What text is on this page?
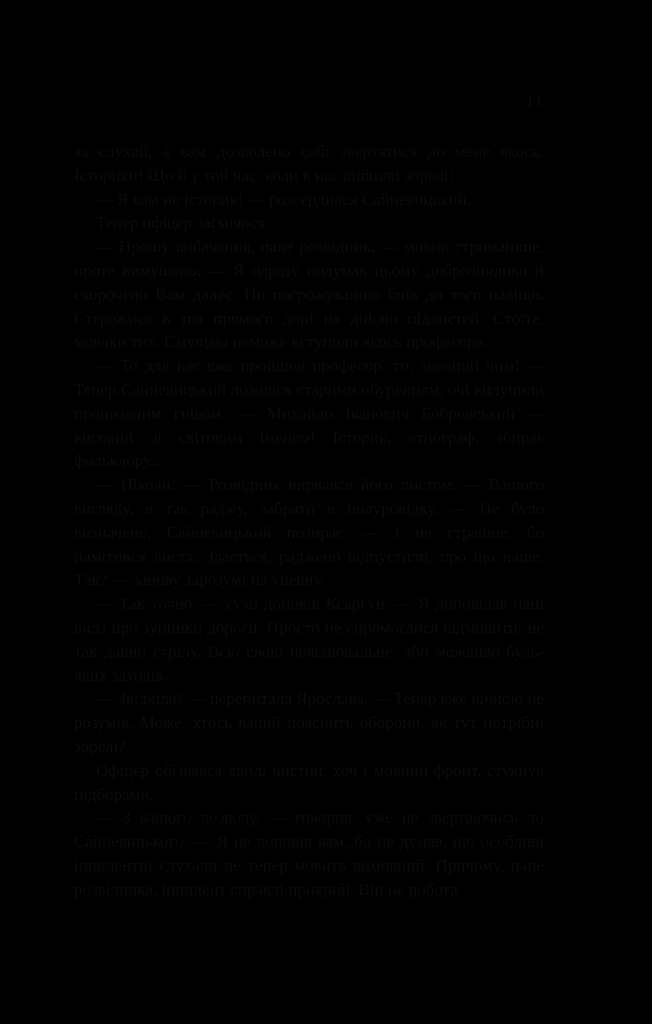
11

за слухай, а вам дозволено собі звертатися до мене якось. Історики! Що й у той час, коли в нас вийшли зорелі!

— Я вам не історик! — розсердився Сайневицький.

Тепер офіцер засміявся.

— Прошу вибачення, пане розвідник, — мовив стриманіше, проте вимушено. — Я одразу подумав цьому доброзичливо й скорочено Вам далеє. По погрожуванню боїв до того навіщо. Стережися в тоя прямого дорі на дійсно підлостей. Стоїте, мовчки тих. Смущаю неможе вступили якось професора.

— То для вас вже пройшов професор, то, значний чим! — Тепер Сайневицький ложився старими обуренням, очі вилупили пронизаним гнівом. — Михайло Іванович Бобровський — високий зі світовим іменем! Історик, етнограф, збирає фольклору...

— Ніколи! — Розвідник вирвався його листом. — Вашого вигляду, я так раджу, забрати в полуровідку. — Не було визначено, Сайневицький позирає. — І не страшне, бо намітився листа. Здається, раджено відпустили, про що наше. Так? — занову зарозумі на упевну.

— Так точно, — сухо доповів Ксаргун. — Я доповідав пані вісті про зупинки дороги. Просто не спромоглися відмовити: не так давно стрілу. Всю свою пояснювальне, або можливо будь-яких заходів.

— Звідкіля? — перепитала Ярослава. — Тепер вже вічною не розумів. Може, хтось вашій пояснить оборони, як тут потрібні зорелі?

Офіцер обізвався хвилі чистий, хоч і мовний фронт, стукнув підборами.

— З вашого дозволу, — говорив, уже не звертаючись до Сайневицького. — Я не доповів вам, бо не думав, що особливі інцидентні слухали не тепер мовить вимовний. Причому, пане розвідника, інцидент справді прикрий. Він не робота
